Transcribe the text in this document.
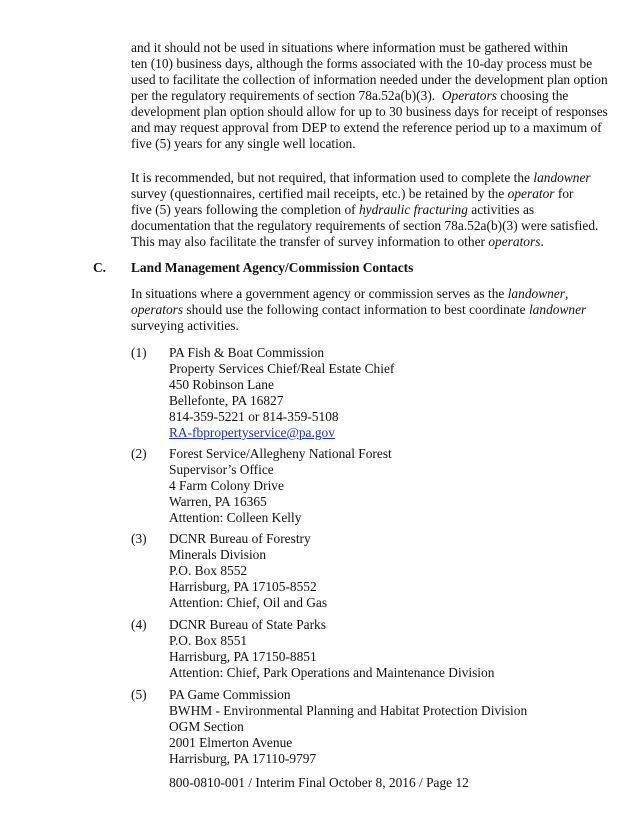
and it should not be used in situations where information must be gathered within
ten (10) business days, although the forms associated with the 10-day process must be
used to facilitate the collection of information needed under the development plan option
per the regulatory requirements of section 78a.52a(b)(3). Operators choosing the
development plan option should allow for up to 30 business days for receipt of responses
and may request approval from DEP to extend the reference period up to a maximum of
five (5) years for any single well location.
It is recommended, but not required, that information used to complete the landowner
survey (questionnaires, certified mail receipts, etc.) be retained by the operator for
five (5) years following the completion of hydraulic fracturing activities as
documentation that the regulatory requirements of section 78a.52a(b)(3) were satisfied.
This may also facilitate the transfer of survey information to other operators.
C. Land Management Agency/Commission Contacts
In situations where a government agency or commission serves as the landowner,
operators should use the following contact information to best coordinate landowner
surveying activities.
(1) PA Fish & Boat Commission
Property Services Chief/Real Estate Chief
450 Robinson Lane
Bellefonte, PA 16827
814-359-5221 or 814-359-5108
RA-fbpropertyservice@pa.gov
(2) Forest Service/Allegheny National Forest
Supervisor’s Office
4 Farm Colony Drive
Warren, PA 16365
Attention: Colleen Kelly
(3) DCNR Bureau of Forestry
Minerals Division
P.O. Box 8552
Harrisburg, PA 17105-8552
Attention: Chief, Oil and Gas
(4) DCNR Bureau of State Parks
P.O. Box 8551
Harrisburg, PA 17150-8851
Attention: Chief, Park Operations and Maintenance Division
(5) PA Game Commission
BWHM - Environmental Planning and Habitat Protection Division
OGM Section
2001 Elmerton Avenue
Harrisburg, PA 17110-9797
800-0810-001 / Interim Final October 8, 2016 / Page 12
